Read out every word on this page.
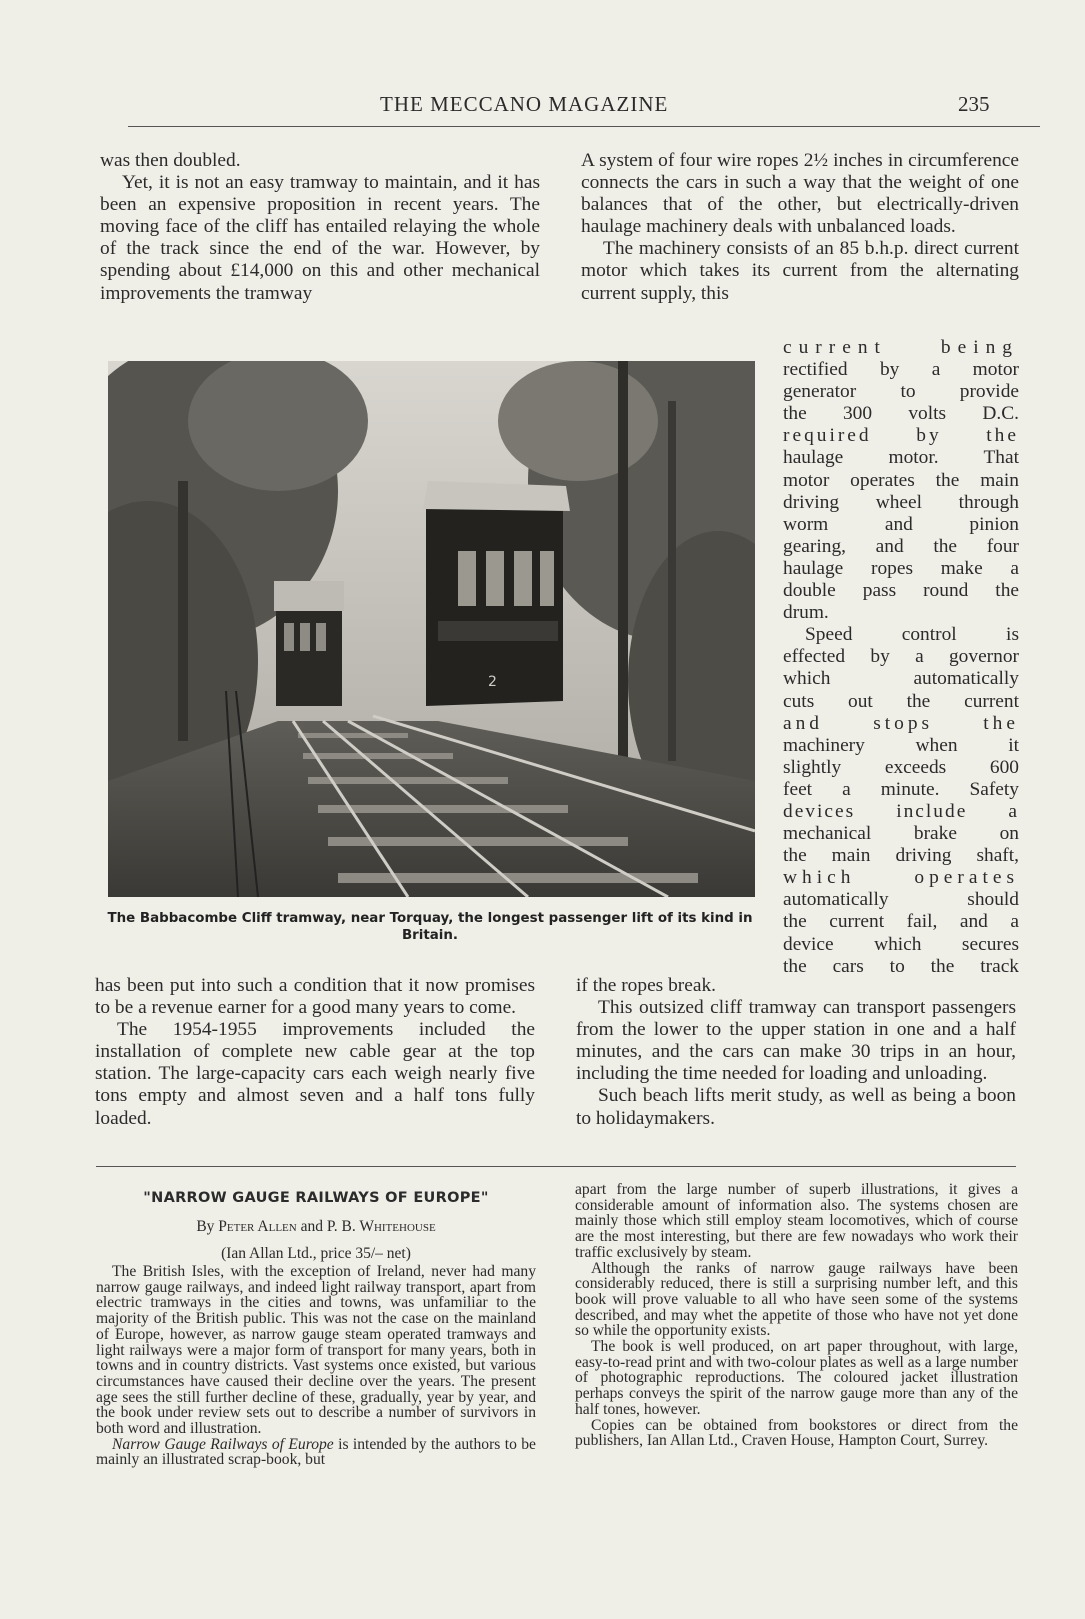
THE MECCANO MAGAZINE	235

was then doubled.

Yet, it is not an easy tramway to maintain, and it has been an expensive proposition in recent years. The moving face of the cliff has entailed relaying the whole of the track since the end of the war. However, by spending about £14,000 on this and other mechanical improvements the tramway

A system of four wire ropes 2½ inches in circumference connects the cars in such a way that the weight of one balances that of the other, but electrically-driven haulage machinery deals with unbalanced loads.

The machinery consists of an 85 b.h.p. direct current motor which takes its current from the alternating current supply, this

2
The Babbacombe Cliff tramway, near Torquay, the longest passenger lift of its kind in Britain.

current being

rectified by a motor

generator to provide

the 300 volts D.C.

required by the

haulage motor. That

motor operates the main

driving wheel through

worm and pinion

gearing, and the four

haulage ropes make a

double pass round the

drum.

Speed control is

effected by a governor

which automatically

cuts out the current

and stops the

machinery when it

slightly exceeds 600

feet a minute. Safety

devices include a

mechanical brake on

the main driving shaft,

which operates

automatically should

the current fail, and a

device which secures

the cars to the track

has been put into such a condition that it now promises to be a revenue earner for a good many years to come.

The 1954-1955 improvements included the installation of complete new cable gear at the top station. The large-capacity cars each weigh nearly five tons empty and almost seven and a half tons fully loaded.

if the ropes break.

This outsized cliff tramway can transport passengers from the lower to the upper station in one and a half minutes, and the cars can make 30 trips in an hour, including the time needed for loading and unloading.

Such beach lifts merit study, as well as being a boon to holidaymakers.

"NARROW GAUGE RAILWAYS OF EUROPE"
By Peter Allen and P. B. Whitehouse
(Ian Allan Ltd., price 35/– net)

The British Isles, with the exception of Ireland, never had many narrow gauge railways, and indeed light railway transport, apart from electric tramways in the cities and towns, was unfamiliar to the majority of the British public. This was not the case on the mainland of Europe, however, as narrow gauge steam operated tramways and light railways were a major form of transport for many years, both in towns and in country districts. Vast systems once existed, but various circumstances have caused their decline over the years. The present age sees the still further decline of these, gradually, year by year, and the book under review sets out to describe a number of survivors in both word and illustration.

Narrow Gauge Railways of Europe is intended by the authors to be mainly an illustrated scrap-book, but

apart from the large number of superb illustrations, it gives a considerable amount of information also. The systems chosen are mainly those which still employ steam locomotives, which of course are the most interesting, but there are few nowadays who work their traffic exclusively by steam.

Although the ranks of narrow gauge railways have been considerably reduced, there is still a surprising number left, and this book will prove valuable to all who have seen some of the systems described, and may whet the appetite of those who have not yet done so while the opportunity exists.

The book is well produced, on art paper throughout, with large, easy-to-read print and with two-colour plates as well as a large number of photographic reproductions. The coloured jacket illustration perhaps conveys the spirit of the narrow gauge more than any of the half tones, however.

Copies can be obtained from bookstores or direct from the publishers, Ian Allan Ltd., Craven House, Hampton Court, Surrey.
